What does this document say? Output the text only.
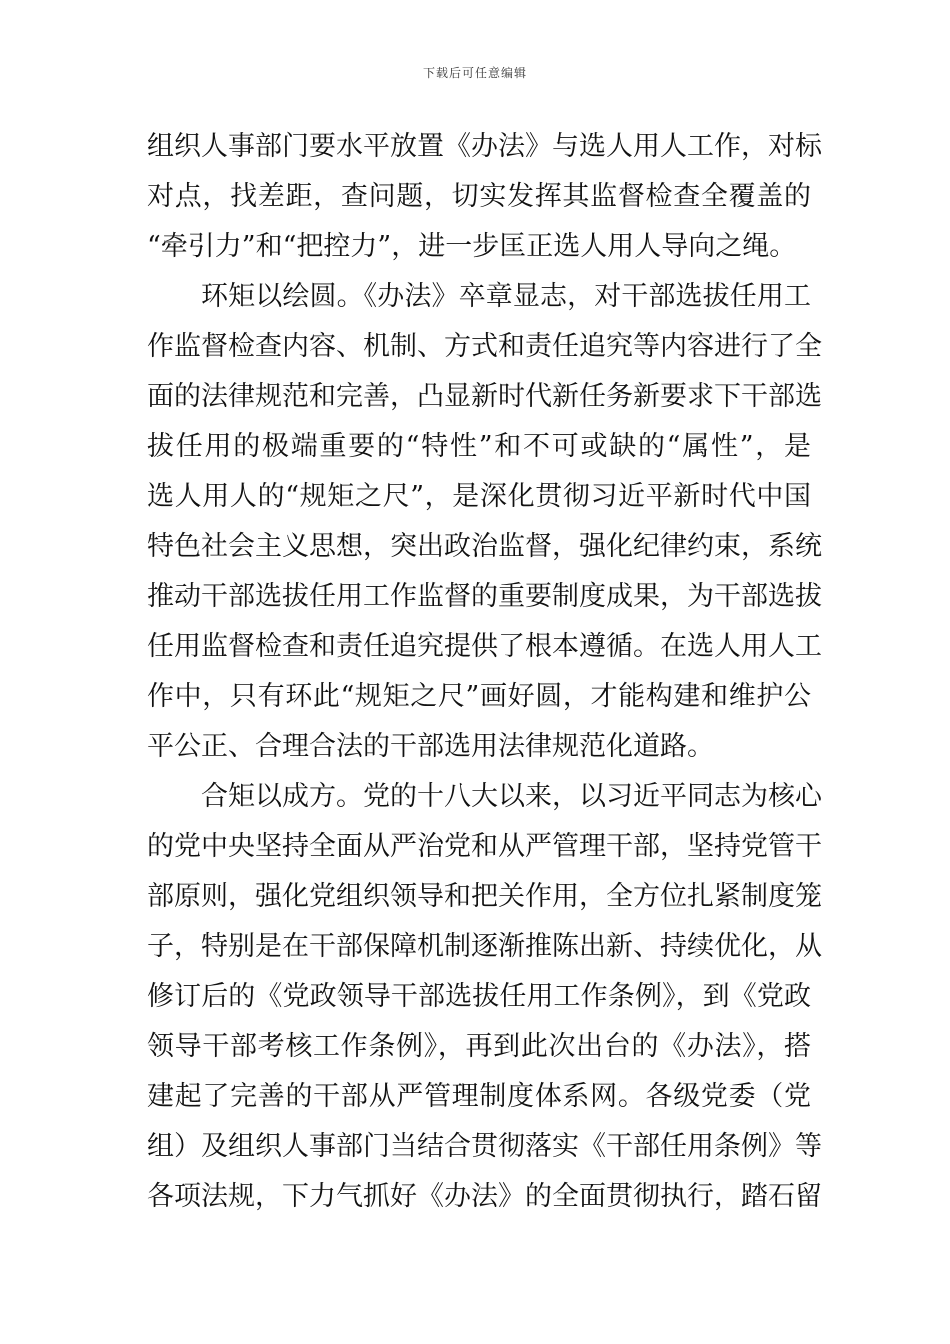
下载后可任意编辑
组织人事部门要水平放置《办法》与选人用人工作，对标
对点，找差距，查问题，切实发挥其监督检查全覆盖的
“牵引力”和“把控力”，进一步匡正选人用人导向之绳。
环矩以绘圆。《办法》卒章显志，对干部选拔任用工
作监督检查内容、机制、方式和责任追究等内容进行了全
面的法律规范和完善，凸显新时代新任务新要求下干部选
拔任用的极端重要的“特性”和不可或缺的“属性”，是
选人用人的“规矩之尺”，是深化贯彻习近平新时代中国
特色社会主义思想，突出政治监督，强化纪律约束，系统
推动干部选拔任用工作监督的重要制度成果，为干部选拔
任用监督检查和责任追究提供了根本遵循。在选人用人工
作中，只有环此“规矩之尺”画好圆，才能构建和维护公
平公正、合理合法的干部选用法律规范化道路。
合矩以成方。党的十八大以来，以习近平同志为核心
的党中央坚持全面从严治党和从严管理干部，坚持党管干
部原则，强化党组织领导和把关作用，全方位扎紧制度笼
子，特别是在干部保障机制逐渐推陈出新、持续优化，从
修订后的《党政领导干部选拔任用工作条例》，到《党政
领导干部考核工作条例》，再到此次出台的《办法》，搭
建起了完善的干部从严管理制度体系网。各级党委（党
组）及组织人事部门当结合贯彻落实《干部任用条例》等
各项法规，下力气抓好《办法》的全面贯彻执行，踏石留
